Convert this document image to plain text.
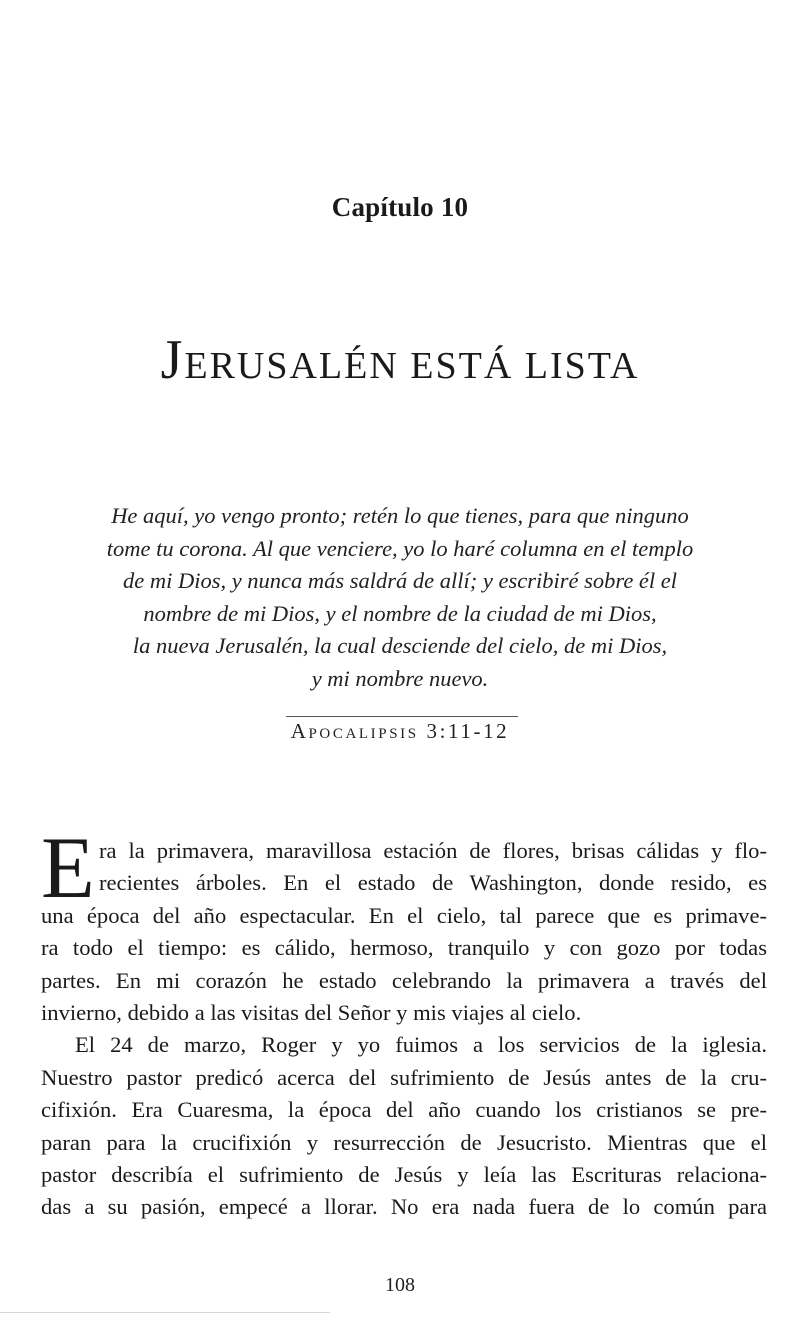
Capítulo 10
JERUSALÉN ESTÁ LISTA
He aquí, yo vengo pronto; retén lo que tienes, para que ninguno
tome tu corona. Al que venciere, yo lo haré columna en el templo
de mi Dios, y nunca más saldrá de allí; y escribiré sobre él el
nombre de mi Dios, y el nombre de la ciudad de mi Dios,
la nueva Jerusalén, la cual desciende del cielo, de mi Dios,
y mi nombre nuevo.
Apocalipsis 3:11-12
E ra la primavera, maravillosa estación de flores, brisas cálidas y flo-
recientes árboles. En el estado de Washington, donde resido, es
una época del año espectacular. En el cielo, tal parece que es primave-
ra todo el tiempo: es cálido, hermoso, tranquilo y con gozo por todas
partes. En mi corazón he estado celebrando la primavera a través del
invierno, debido a las visitas del Señor y mis viajes al cielo.
El 24 de marzo, Roger y yo fuimos a los servicios de la iglesia.
Nuestro pastor predicó acerca del sufrimiento de Jesús antes de la cru-
cifixión. Era Cuaresma, la época del año cuando los cristianos se pre-
paran para la crucifixión y resurrección de Jesucristo. Mientras que el
pastor describía el sufrimiento de Jesús y leía las Escrituras relaciona-
das a su pasión, empecé a llorar. No era nada fuera de lo común para
108
